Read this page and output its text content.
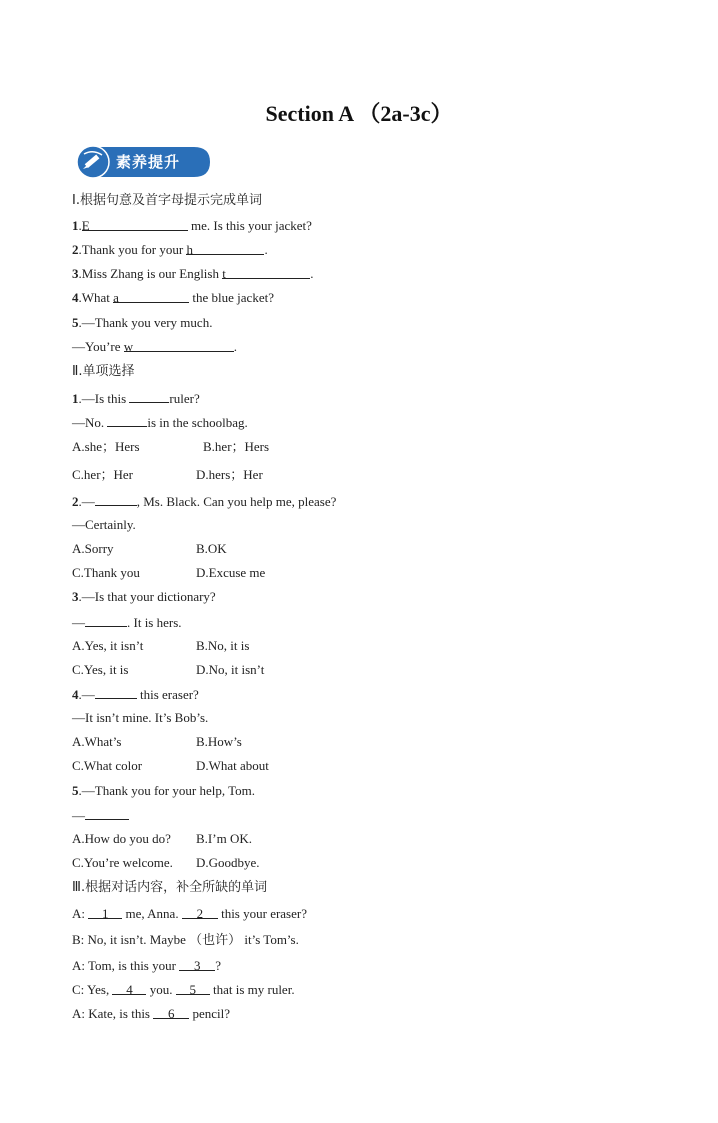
Section A （2a-3c）
素养提升
Ⅰ.根据句意及首字母提示完成单词
1.E	me. Is this your jacket?
2.Thank you for your h	.
3.Miss Zhang is our English t	.
4.What a	the blue jacket?
5.—Thank you very much.
—You’re w	.
Ⅱ.单项选择
1.—Is this	ruler?
—No.	is in the schoolbag.
A.she；Hers	B.her；Hers
C.her；Her	D.hers；Her
2.—	, Ms. Black. Can you help me, please?
—Certainly.
A.Sorry	B.OK
C.Thank you	D.Excuse me
3.—Is that your dictionary?
—	. It is hers.
A.Yes, it isn’t	B.No, it is
C.Yes, it is	D.No, it isn’t
4.—	this eraser?
—It isn’t mine. It’s Bob’s.
A.What’s	B.How’s
C.What color	D.What about
5.—Thank you for your help, Tom.
—
A.How do you do? B.I’m OK.
C.You’re welcome. D.Goodbye.
Ⅲ.根据对话内容，补全所缺的单词
A: 1 me, Anna. 2 this your eraser?
B: No, it isn’t. Maybe （也许） it’s Tom’s.
A: Tom, is this your 3 ?
C: Yes, 4 you. 5 that is my ruler.
A: Kate, is this 6 pencil?
